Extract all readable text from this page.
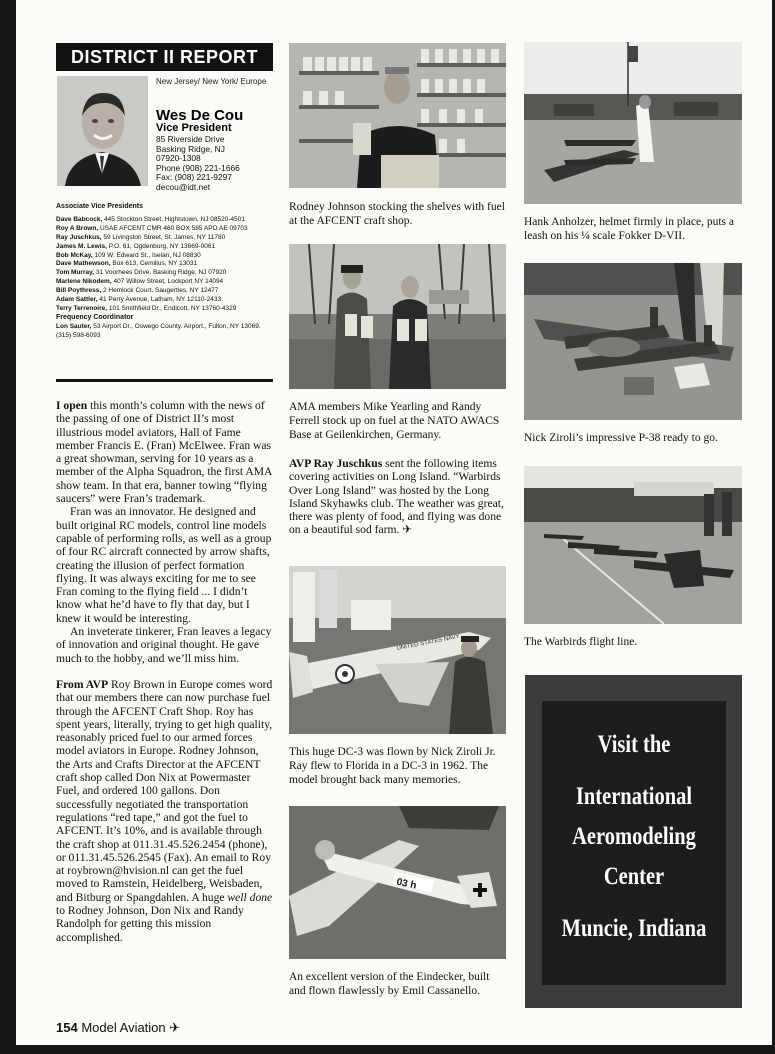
DISTRICT II REPORT
New Jersey/ New York/ Europe
Wes De Cou
Vice President
85 Riverside Drive
Basking Ridge, NJ
07920-1308
Phone (908) 221-1666
Fax: (908) 221-9297
decou@idt.net
Associate Vice Presidents
Dave Babcock, 445 Stockton Street, Hightstown, NJ 08520-4501
Roy A Brown, USAE AFCENT CMR 460 BOX 585 APO AE 09703
Ray Juschkus, 59 Livingston Street, St. James, NY 11780
James M. Lewis, P.O. 61, Ogdenburg, NY 13669-0061
Bob McKay, 109 W. Edward St., Iselan, NJ 08830
Dave Mathewson, Box 613, Cemillus, NY 13031
Tom Murray, 31 Voorhees Drive, Basking Ridge, NJ 07920
Marlene Nikodem, 407 Willow Street, Lockport NY 14094
Bill Poythress, 2 Hemlock Court, Saugerties, NY 12477
Adam Sattler, 41 Perry Avenue, Latham, NY 12110-2433
Terry Terrenoire, 101 Smithfield Dr., Endicott, NY 13760-4329
Frequency Coordinator
Lon Sauter, 53 Airport Dr., Oswego County. Airport., Fulton, NY 13069. (315) 598-6093

I open this month’s column with the news of the passing of one of District II’s most illustrious model aviators, Hall of Fame member Francis E. (Fran) McElwee. Fran was a great showman, serving for 10 years as a member of the Alpha Squadron, the first AMA show team. In that era, banner towing “flying saucers” were Fran’s trademark.

Fran was an innovator. He designed and built original RC models, control line models capable of performing rolls, as well as a group of four RC aircraft connected by arrow shafts, creating the illusion of perfect formation flying. It was always exciting for me to see Fran coming to the flying field ... I didn’t know what he’d have to fly that day, but I knew it would be interesting.

An inveterate tinkerer, Fran leaves a legacy of innovation and original thought. He gave much to the hobby, and we’ll miss him.

From AVP Roy Brown in Europe comes word that our members there can now purchase fuel through the AFCENT Craft Shop. Roy has spent years, literally, trying to get high quality, reasonably priced fuel to our armed forces model aviators in Europe. Rodney Johnson, the Arts and Crafts Director at the AFCENT craft shop called Don Nix at Powermaster Fuel, and ordered 100 gallons. Don successfully negotiated the transportation regulations “red tape,” and got the fuel to AFCENT. It’s 10%, and is available through the craft shop at 011.31.45.526.2454 (phone), or 011.31.45.526.2545 (Fax). An email to Roy at roybrown@hvision.nl can get the fuel moved to Ramstein, Heidelberg, Weisbaden, and Bitburg or Spangdahlen. A huge well done to Rodney Johnson, Don Nix and Randy Randolph for getting this mission accomplished.

Rodney Johnson stocking the shelves with fuel at the AFCENT craft shop.
AMA members Mike Yearling and Randy Ferrell stock up on fuel at the NATO AWACS Base at Geilenkirchen, Germany.

AVP Ray Juschkus sent the following items covering activities on Long Island. “Warbirds Over Long Island” was hosted by the Long Island Skyhawks club. The weather was great, there was plenty of food, and flying was done on a beautiful sod farm. ✈

UNITED STATES NAVY
This huge DC-3 was flown by Nick Ziroli Jr. Ray flew to Florida in a DC-3 in 1962. The model brought back many memories.
03 h
An excellent version of the Eindecker, built and flown flawlessly by Emil Cassanello.
Hank Anholzer, helmet firmly in place, puts a leash on his ¼ scale Fokker D-VII.
Nick Ziroli’s impressive P-38 ready to go.
The Warbirds flight line.
Visit the
International
Aeromodeling
Center
Muncie, Indiana
154 Model Aviation ✈
